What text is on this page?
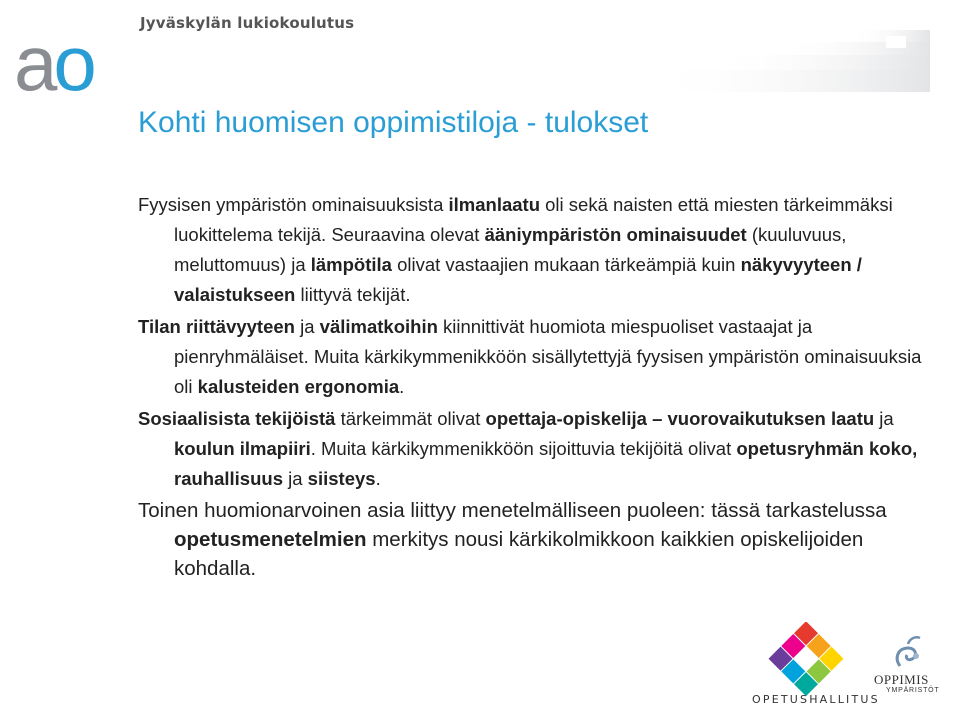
Jyväskylän lukiokoulutus
ao
Kohti huomisen oppimistiloja - tulokset

Fyysisen ympäristön ominaisuuksista ilmanlaatu oli sekä naisten että miesten tärkeimmäksi luokittelema tekijä. Seuraavina olevat ääniympäristön ominaisuudet (kuuluvuus, meluttomuus) ja lämpötila olivat vastaajien mukaan tärkeämpiä kuin näkyvyyteen / valaistukseen liittyvä tekijät.

Tilan riittävyyteen ja välimatkoihin kiinnittivät huomiota miespuoliset vastaajat ja pienryhmäläiset. Muita kärkikymmenikköön sisällytettyjä fyysisen ympäristön ominaisuuksia oli kalusteiden ergonomia.

Sosiaalisista tekijöistä tärkeimmät olivat opettaja-opiskelija – vuorovaikutuksen laatu ja koulun ilmapiiri. Muita kärkikymmenikköön sijoittuvia tekijöitä olivat opetusryhmän koko, rauhallisuus ja siisteys.

Toinen huomionarvoinen asia liittyy menetelmälliseen puoleen: tässä tarkastelussa opetusmenetelmien merkitys nousi kärkikolmikkoon kaikkien opiskelijoiden kohdalla.

OPETUSHALLITUS
OPPIMIS
YMPÄRISTÖT
